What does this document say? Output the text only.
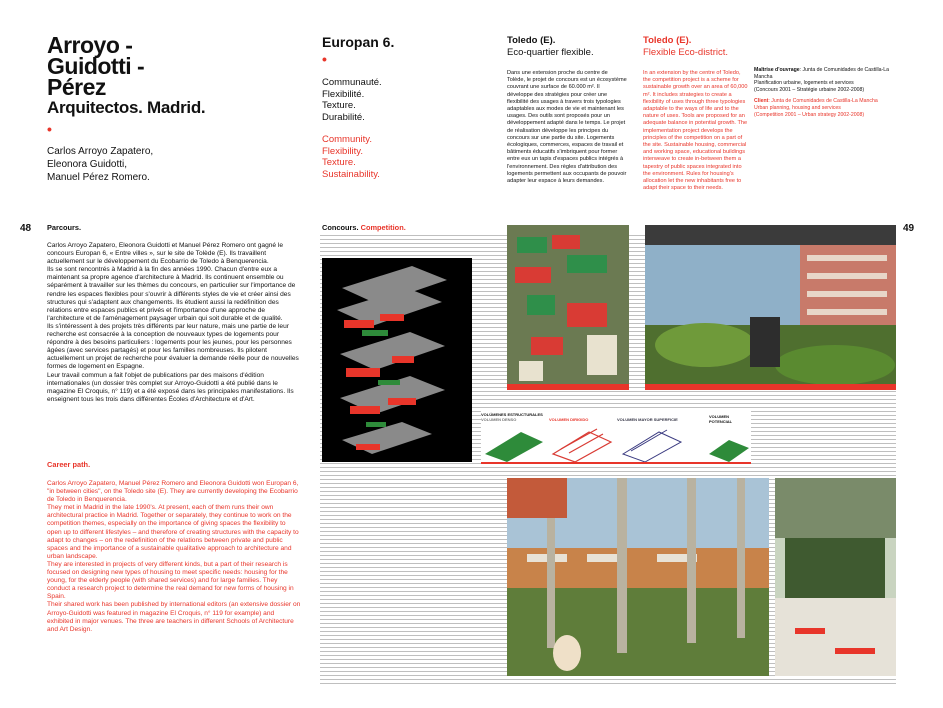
Arroyo -
Guidotti -
Pérez
Arquitectos. Madrid.
•
Carlos Arroyo Zapatero,
Eleonora Guidotti,
Manuel Pérez Romero.
Europan 6.
•
Communauté.
Flexibilité.
Texture.
Durabilité.
Community.
Flexibility.
Texture.
Sustainability.
Toledo (E).
Eco-quartier flexible.
Dans une extension proche du centre de Tolède, le projet de concours est un écosystème couvrant une surface de 60.000 m². Il développe des stratégies pour créer une flexibilité des usages à travers trois typologies adaptables aux modes de vie et maintenant les usages. Des outils sont proposés pour un développement adapté dans le temps. Le projet de réalisation développe les principes du concours sur une partie du site. Logements écologiques, commerces, espaces de travail et bâtiments éducatifs s'imbriquent pour former entre eux un tapis d'espaces publics intégrés à l'environnement. Des règles d'attribution des logements permettent aux occupants de pouvoir adapter leur espace à leurs demandes.
Toledo (E).
Flexible Eco-district.
In an extension by the centre of Toledo, the competition project is a scheme for sustainable growth over an area of 60,000 m². It includes strategies to create a flexibility of uses through three typologies adaptable to the ways of life and to the nature of uses. Tools are proposed for an adequate balance in potential growth. The implementation project develops the principles of the competition on a part of the site. Sustainable housing, commercial and working space, educational buildings interweave to create in-between them a tapestry of public spaces integrated into the environment. Rules for housing's allocation let the new inhabitants free to adapt their space to their needs.
Maîtrise d'ouvrage: Junta de Comunidades de Castilla-La Mancha
Planification urbaine, logements et services
(Concours 2001 – Stratégie urbaine 2002-2008)
Client: Junta de Comunidades de Castilla-La Mancha
Urban planning, housing and services
(Competition 2001 – Urban strategy 2002-2008)
48	49
Parcours.
Carlos Arroyo Zapatero, Eleonora Guidotti et Manuel Pérez Romero ont gagné le concours Europan 6, « Entre villes », sur le site de Tolède (E). Ils travaillent actuellement sur le développement du Ecobarrio de Toledo à Benquerencia.
Ils se sont rencontrés à Madrid à la fin des années 1990. Chacun d'entre eux a maintenant sa propre agence d'architecture à Madrid. Ils continuent ensemble ou séparément à travailler sur les thèmes du concours, en particulier sur l'importance de rendre les espaces flexibles pour s'ouvrir à différents styles de vie et créer ainsi des structures qui s'adaptent aux changements. Ils étudient aussi la redéfinition des relations entre espaces publics et privés et l'importance d'une approche de l'architecture et de l'aménagement paysager urbain qui soit durable et de qualité.
Ils s'intéressent à des projets très différents par leur nature, mais une partie de leur recherche est consacrée à la conception de nouveaux types de logements pour répondre à des besoins particuliers : logements pour les jeunes, pour les personnes âgées (avec services partagés) et pour les familles nombreuses. Ils pilotent actuellement un projet de recherche pour évaluer la demande réelle pour de nouvelles formes de logement en Espagne.
Leur travail commun a fait l'objet de publications par des maisons d'édition internationales (un dossier très complet sur Arroyo-Guidotti a été publié dans le magazine El Croquis, n° 119) et a été exposé dans les principales manifestations. Ils enseignent tous les trois dans différentes Écoles d'Architecture et d'Art.
Career path.
Carlos Arroyo Zapatero, Manuel Pérez Romero and Eleonora Guidotti won Europan 6, "in between cities", on the Toledo site (E). They are currently developing the Ecobarrio de Toledo in Benquerencia.
They met in Madrid in the late 1990's. At present, each of them runs their own architectural practice in Madrid. Together or separately, they continue to work on the competition themes, especially on the importance of giving spaces the flexibility to open up to different lifestyles – and therefore of creating structures with the capacity to adapt to changes – on the redefinition of the relations between private and public spaces and the importance of a sustainable qualitative approach to architecture and urban landscape.
They are interested in projects of very different kinds, but a part of their research is focused on designing new types of housing to meet specific needs: housing for the young, for the elderly people (with shared services) and for large families. They conduct a research project to determine the real demand for new forms of housing in Spain.
Their shared work has been published by international editors (an extensive dossier on Arroyo-Guidotti was featured in magazine El Croquis, n° 119 for example) and exhibited in major venues. The three are teachers in different Schools of Architecture and Art Design.
Concours. Competition.
VOLÚMENES ESTRUCTURALES
VOLUMEN DENSO	VOLUMEN DIRIGIDO	VOLUMEN MAYOR SUPERFICIE
VOLUMEN POTENCIAL
